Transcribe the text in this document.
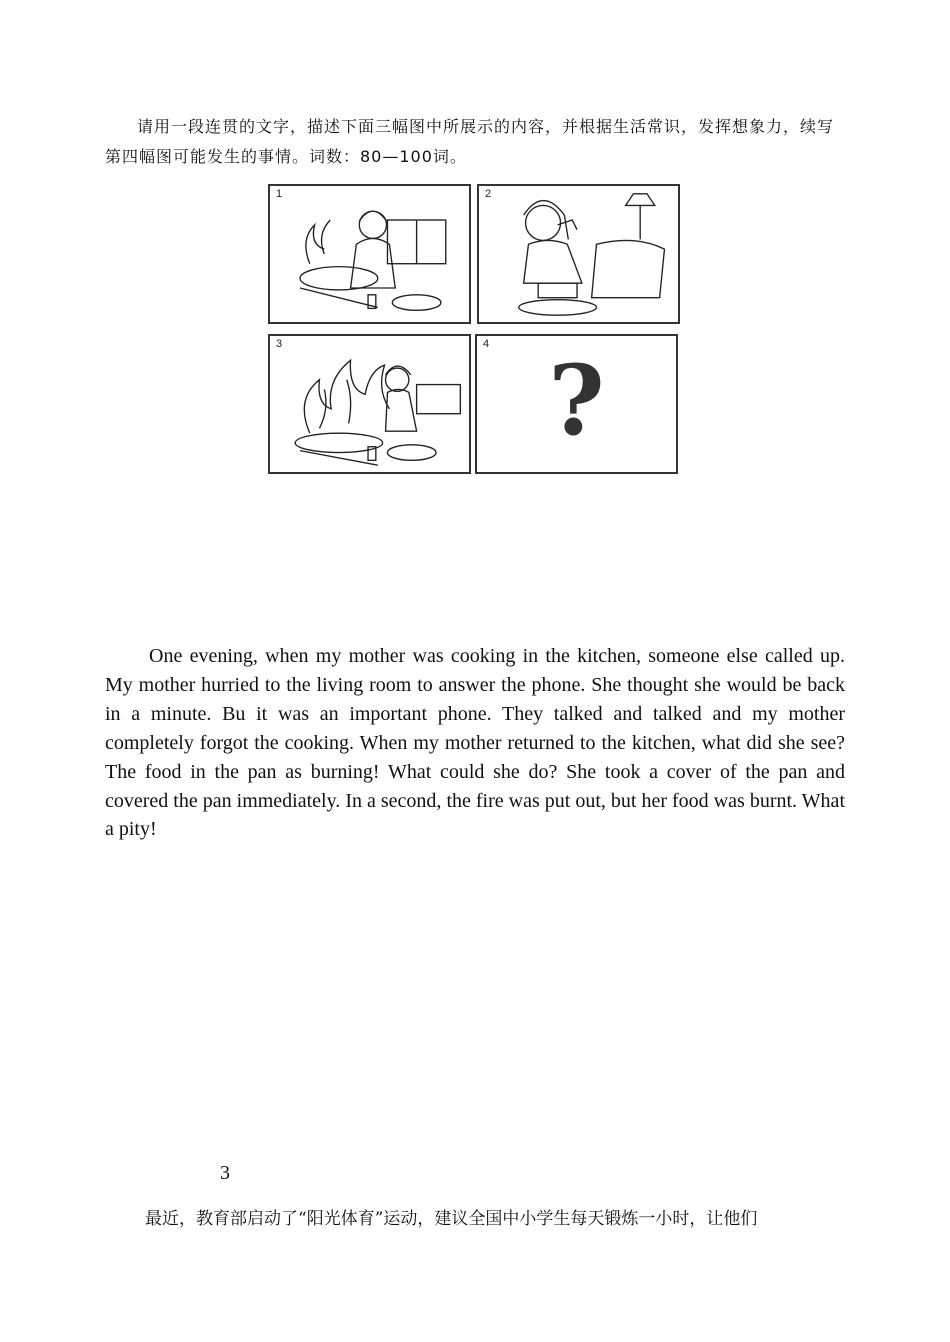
请用一段连贯的文字，描述下面三幅图中所展示的内容，并根据生活常识，发挥想象力，续写第四幅图可能发生的事情。词数：80—100词。

1	2
3	4 ?

One evening, when my mother was cooking in the kitchen, someone else called up. My mother hurried to the living room to answer the phone. She thought she would be back in a minute. Bu it was an important phone. They talked and talked and my mother completely forgot the cooking. When my mother returned to the kitchen, what did she see? The food in the pan as burning! What could she do? She took a cover of the pan and covered the pan immediately. In a second, the fire was put out, but her food was burnt. What a pity!

3

最近，教育部启动了“阳光体育”运动，建议全国中小学生每天锻炼一小时，让他们
